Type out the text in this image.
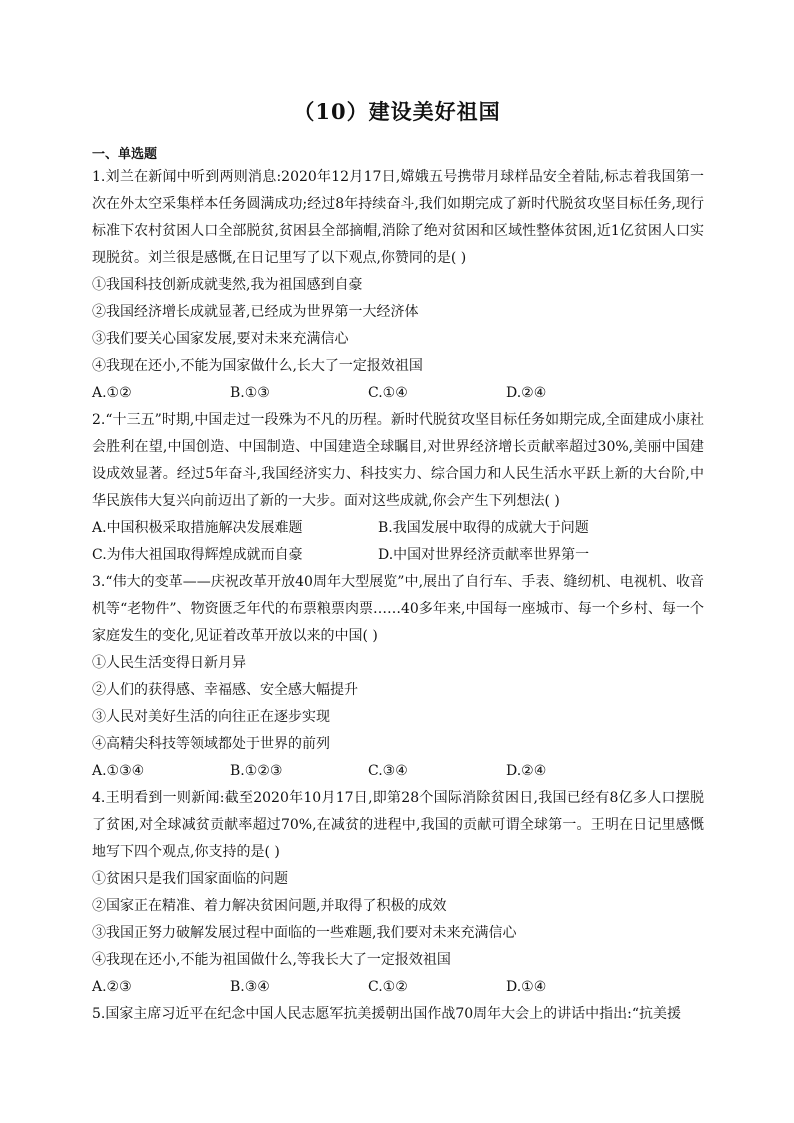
（10）建设美好祖国
一、单选题

1.刘兰在新闻中听到两则消息:2020年12月17日,嫦娥五号携带月球样品安全着陆,标志着我国第一次在外太空采集样本任务圆满成功;经过8年持续奋斗,我们如期完成了新时代脱贫攻坚目标任务,现行标准下农村贫困人口全部脱贫,贫困县全部摘帽,消除了绝对贫困和区域性整体贫困,近1亿贫困人口实现脱贫。刘兰很是感慨,在日记里写了以下观点,你赞同的是( )

①我国科技创新成就斐然,我为祖国感到自豪

②我国经济增长成就显著,已经成为世界第一大经济体

③我们要关心国家发展,要对未来充满信心

④我现在还小,不能为国家做什么,长大了一定报效祖国

A.①②	B.①③	C.①④	D.②④

2.“十三五”时期,中国走过一段殊为不凡的历程。新时代脱贫攻坚目标任务如期完成,全面建成小康社会胜利在望,中国创造、中国制造、中国建造全球瞩目,对世界经济增长贡献率超过30%,美丽中国建设成效显著。经过5年奋斗,我国经济实力、科技实力、综合国力和人民生活水平跃上新的大台阶,中华民族伟大复兴向前迈出了新的一大步。面对这些成就,你会产生下列想法( )

A.中国积极采取措施解决发展难题	B.我国发展中取得的成就大于问题
C.为伟大祖国取得辉煌成就而自豪	D.中国对世界经济贡献率世界第一

3.“伟大的变革——庆祝改革开放40周年大型展览”中,展出了自行车、手表、缝纫机、电视机、收音机等“老物件”、物资匮乏年代的布票粮票肉票……40多年来,中国每一座城市、每一个乡村、每一个家庭发生的变化,见证着改革开放以来的中国( )

①人民生活变得日新月异

②人们的获得感、幸福感、安全感大幅提升

③人民对美好生活的向往正在逐步实现

④高精尖科技等领域都处于世界的前列

A.①③④	B.①②③	C.③④	D.②④

4.王明看到一则新闻:截至2020年10月17日,即第28个国际消除贫困日,我国已经有8亿多人口摆脱了贫困,对全球减贫贡献率超过70%,在减贫的进程中,我国的贡献可谓全球第一。王明在日记里感慨地写下四个观点,你支持的是( )

①贫困只是我们国家面临的问题

②国家正在精准、着力解决贫困问题,并取得了积极的成效

③我国正努力破解发展过程中面临的一些难题,我们要对未来充满信心

④我现在还小,不能为祖国做什么,等我长大了一定报效祖国

A.②③	B.③④	C.①②	D.①④

5.国家主席习近平在纪念中国人民志愿军抗美援朝出国作战70周年大会上的讲话中指出:“抗美援
